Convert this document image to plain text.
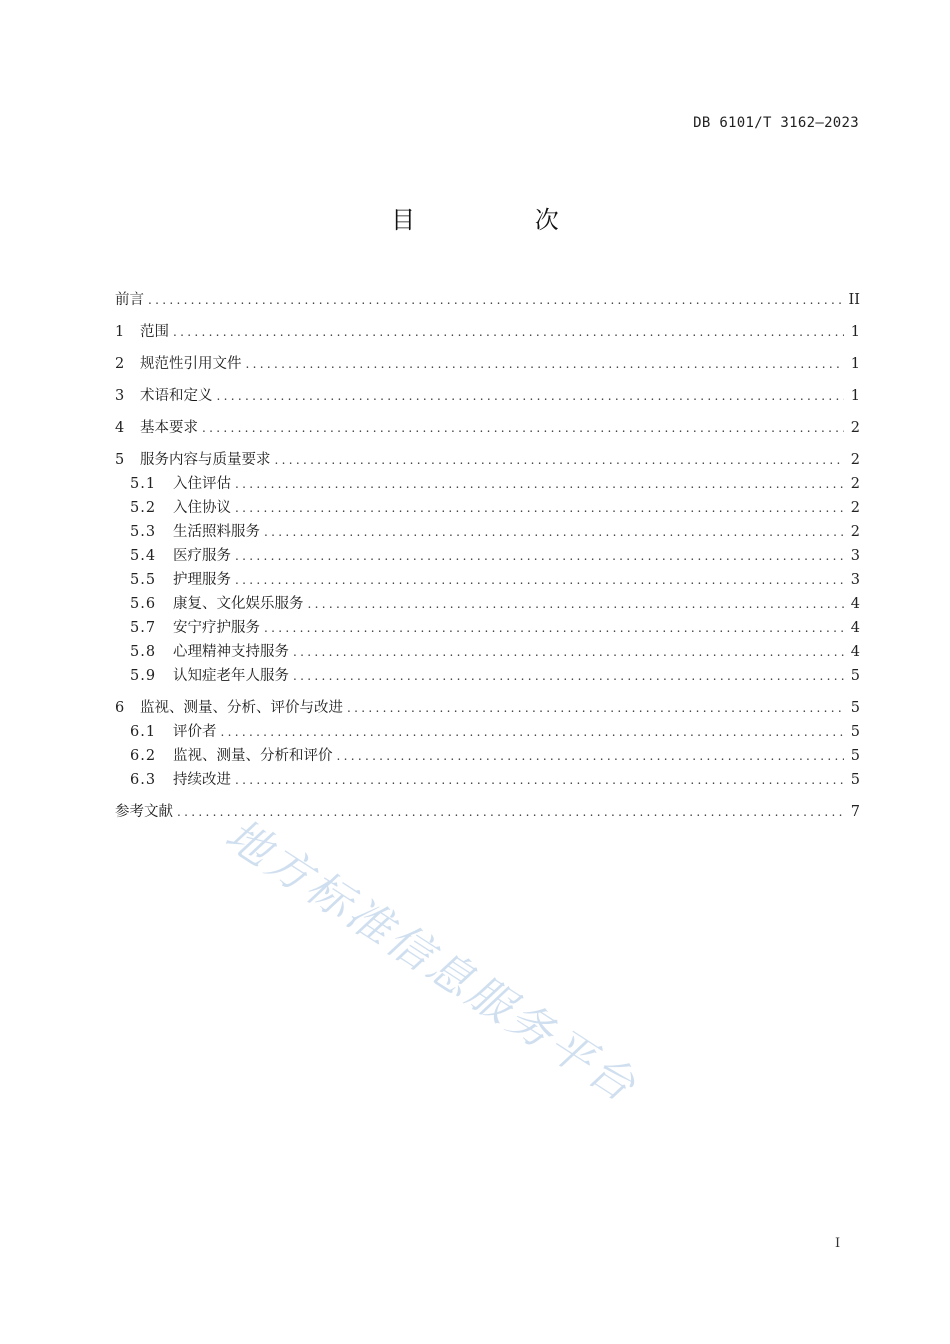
DB 6101/T 3162—2023
目 次
前言 .....	II
1	范围 .....	1
2	规范性引用文件 .....	1
3	术语和定义 .....	1
4	基本要求 .....	2
5	服务内容与质量要求 .....	2
5.1	入住评估 .....	2
5.2	入住协议 .....	2
5.3	生活照料服务 .....	2
5.4	医疗服务 .....	3
5.5	护理服务 .....	3
5.6	康复、文化娱乐服务 .....	4
5.7	安宁疗护服务 .....	4
5.8	心理精神支持服务 .....	4
5.9	认知症老年人服务 .....	5
6	监视、测量、分析、评价与改进 .....	5
6.1	评价者 .....	5
6.2	监视、测量、分析和评价 .....	5
6.3	持续改进 .....	5
参考文献 .....	7
地方标准信息服务平台
I
